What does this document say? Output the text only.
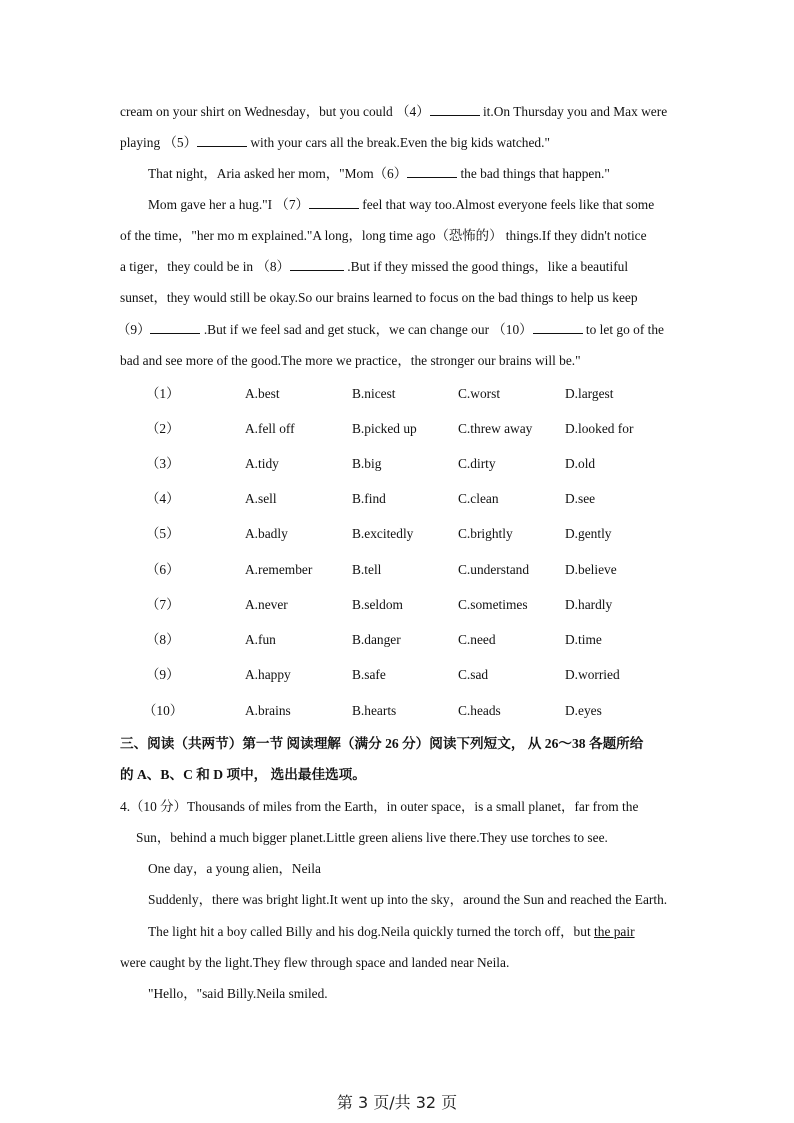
cream on your shirt on Wednesday，but you could （4）	it.On Thursday you and Max were
playing （5）	with your cars all the break.Even the big kids watched."
That night，Aria asked her mom，"Mom（6）	the bad things that happen."
Mom gave her a hug."I （7）	feel that way too.Almost everyone feels like that some
of the time，"her mo m explained."A long，long time ago（恐怖的） things.If they didn't notice
a tiger，they could be in （8）	.But if they missed the good things，like a beautiful
sunset，they would still be okay.So our brains learned to focus on the bad things to help us keep
（9）	.But if we feel sad and get stuck，we can change our （10）	to let go of the
bad and see more of the good.The more we practice，the stronger our brains will be."
（1）	A.best	B.nicest	C.worst	D.largest
（2）	A.fell off	B.picked up	C.threw away D.looked for
（3）	A.tidy	B.big	C.dirty	D.old
（4）	A.sell	B.find	C.clean	D.see
（5）	A.badly	B.excitedly	C.brightly	D.gently
（6）	A.remember	B.tell	C.understand	D.believe
（7）	A.never	B.seldom	C.sometimes	D.hardly
（8）	A.fun	B.danger	C.need	D.time
（9）	A.happy	B.safe	C.sad	D.worried
（10）	A.brains	B.hearts	C.heads	D.eyes
三、阅读（共两节）第一节 阅读理解（满分 26 分）阅读下列短文， 从 26～38 各题所给
的 A、B、C 和 D 项中， 选出最佳选项。
4.（10 分）Thousands of miles from the Earth，in outer space，is a small planet，far from the
Sun，behind a much bigger planet.Little green aliens live there.They use torches to see.
One day，a young alien，Neila
Suddenly，there was bright light.It went up into the sky，around the Sun and reached the Earth.
The light hit a boy called Billy and his dog.Neila quickly turned the torch off，but the pair
were caught by the light.They flew through space and landed near Neila.
"Hello，"said Billy.Neila smiled.
第 3 页/共 32 页
